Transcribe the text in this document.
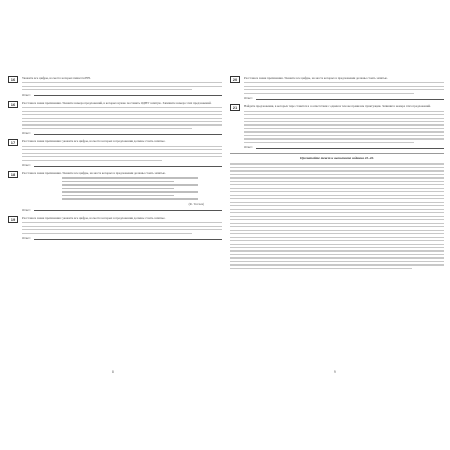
16	Укажите все цифры, на месте которых пишется НН.
Ответ:
16	Расставьте знаки препинания. Укажите номера предложений, в которых нужно поставить ОДНУ запятую. Запишите номера этих предложений.
Ответ:
17	Расставьте знаки препинания: укажите все цифры, на месте которых в предложении должны стоять запятые.
Ответ:
18	Расставьте знаки препинания. Укажите все цифры, на месте которых в предложении должны стоять запятые.
(Ф. Тютчев)
Ответ:
19	Расставьте знаки препинания: укажите все цифры, на месте которых в предложении должны стоять запятые.
Ответ:
8
20	Расставьте знаки препинания. Укажите все цифры, на месте которых в предложении должны стоять запятые.
Ответ:
21	Найдите предложения, в которых тире ставится в соответствии с одним и тем же правилом пунктуации. Запишите номера этих предложений.
Ответ:
Прочитайте текст и выполните задания 22–26.
9
